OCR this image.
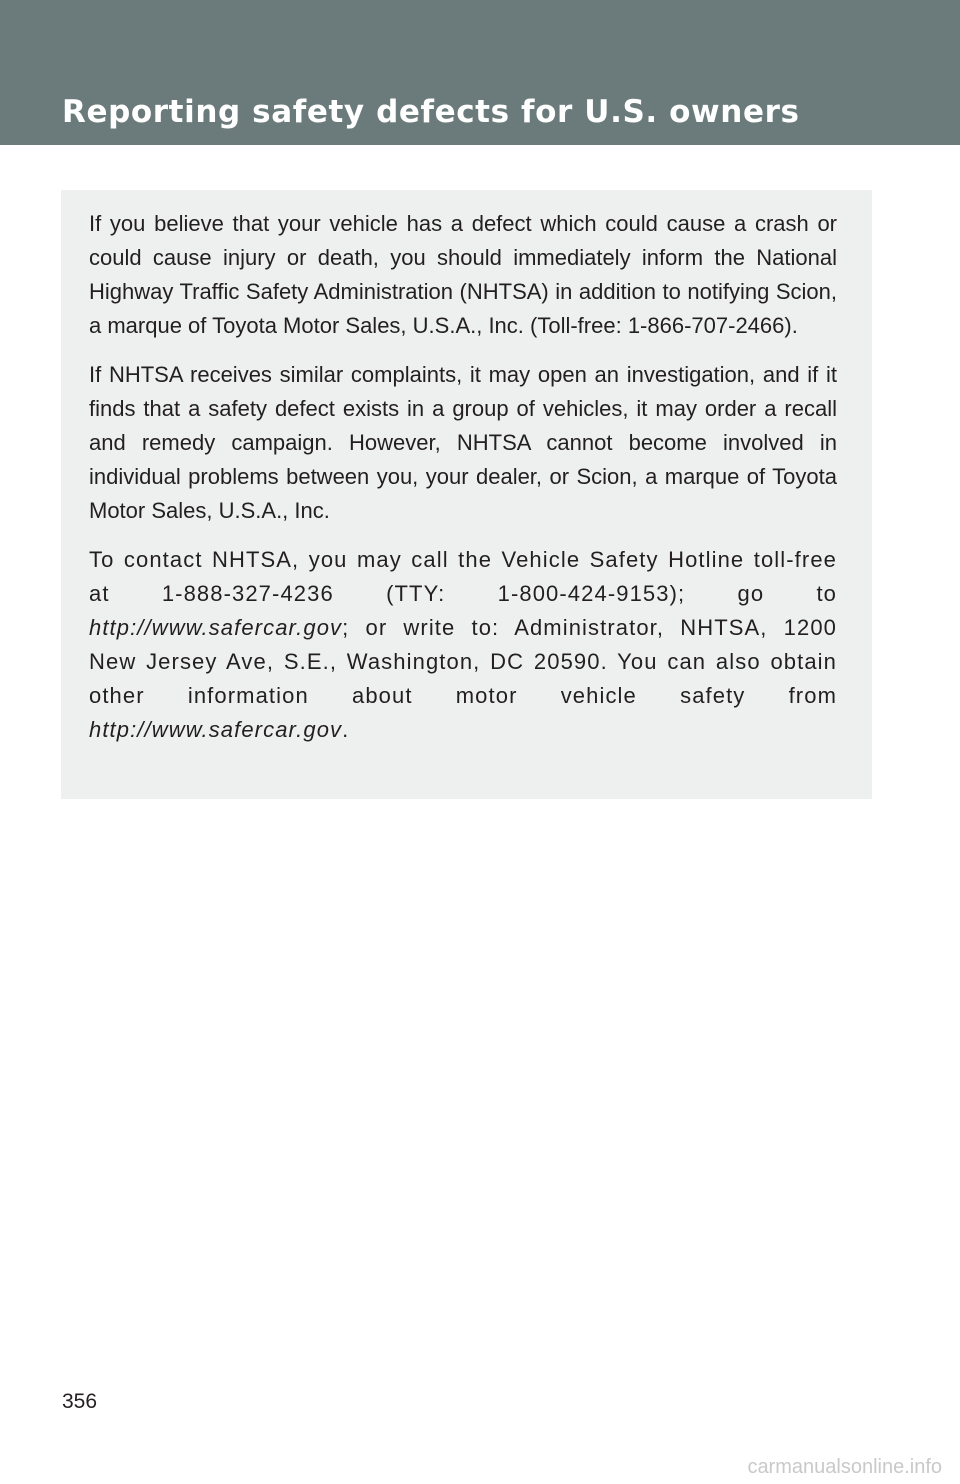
Reporting safety defects for U.S. owners

If you believe that your vehicle has a defect which could cause a crash or could cause injury or death, you should immediately inform the National Highway Traffic Safety Administration (NHTSA) in addition to notifying Scion, a marque of Toyota Motor Sales, U.S.A., Inc. (Toll-free: 1-866-707-2466).

If NHTSA receives similar complaints, it may open an investigation, and if it finds that a safety defect exists in a group of vehicles, it may order a recall and remedy campaign. However, NHTSA cannot become involved in individual problems between you, your dealer, or Scion, a marque of Toyota Motor Sales, U.S.A., Inc.

To contact NHTSA, you may call the Vehicle Safety Hotline toll-free at 1-888-327-4236 (TTY: 1-800-424-9153); go to http://www.safercar.gov; or write to: Administrator, NHTSA, 1200 New Jersey Ave, S.E., Washington, DC 20590. You can also obtain other information about motor vehicle safety from http://www.safercar.gov.

356
carmanualsonline.info
